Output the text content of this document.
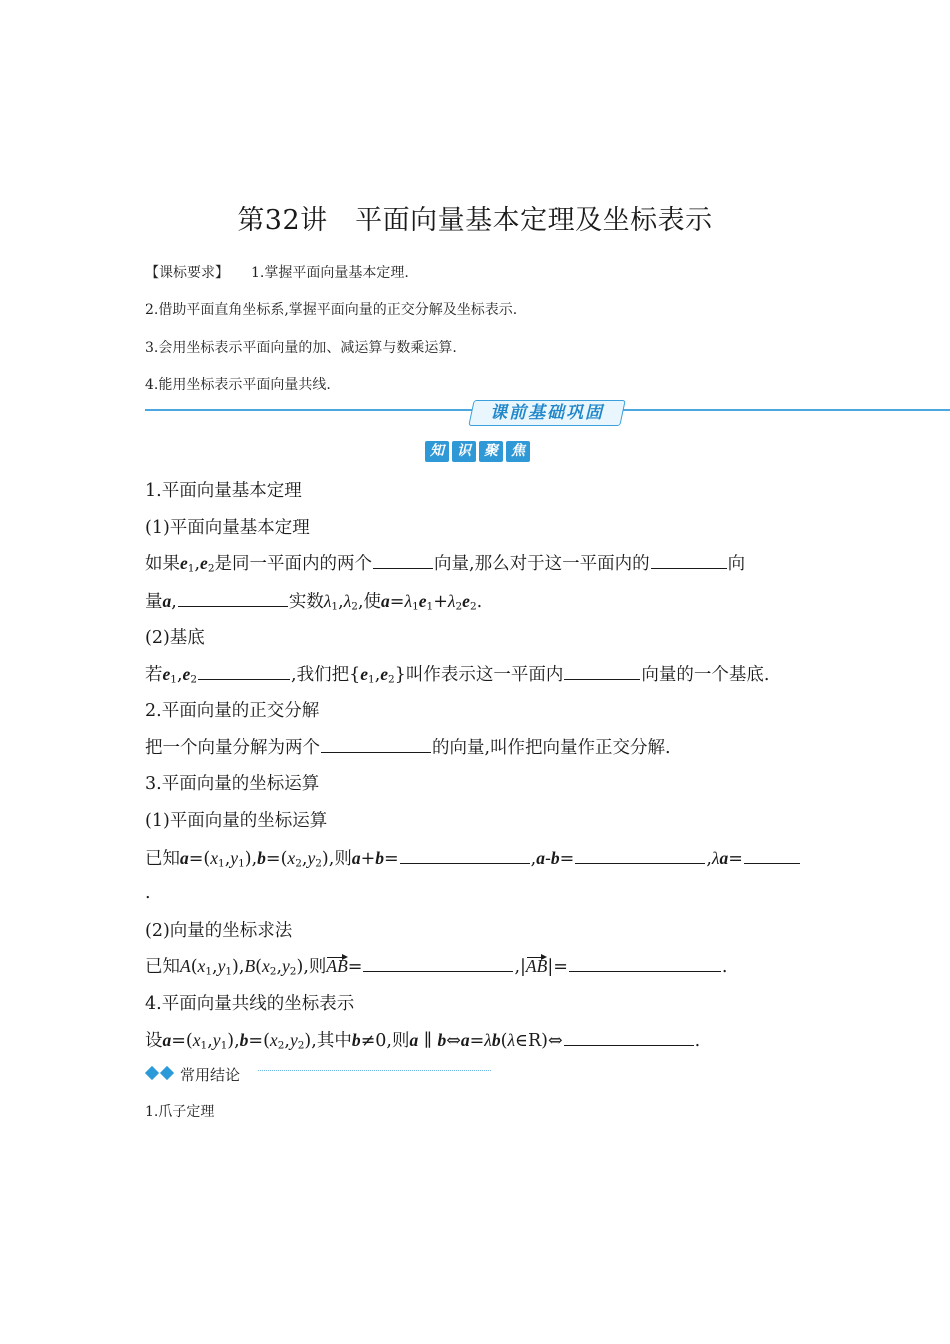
第32讲　平面向量基本定理及坐标表示
【课标要求】 1.掌握平面向量基本定理.
2.借助平面直角坐标系,掌握平面向量的正交分解及坐标表示.
3.会用坐标表示平面向量的加、减运算与数乘运算.
4.能用坐标表示平面向量共线.
课前基础巩固
知 识 聚 焦
1.平面向量基本定理
(1)平面向量基本定理
如果$e_1,e_2$是同一平面内的两个	向量,那么对于这一平面内的	向
量a,	实数$\lambda_1,\lambda_2$,使$a=\lambda_1e_1+\lambda_2e_2$.
(2)基底
若$e_1,e_2$	,我们把$\{e_1,e_2\}$叫作表示这一平面内	向量的一个基底.
2.平面向量的正交分解
把一个向量分解为两个	的向量,叫作把向量作正交分解.
3.平面向量的坐标运算
(1)平面向量的坐标运算
已知$a=(x_1,y_1),b=(x_2,y_2)$,则a+b=	,a-b=	,λa=
.
(2)向量的坐标求法
已知$A(x_1,y_1),B(x_2,y_2)$,则AB=	,|AB|=	.
4.平面向量共线的坐标表示
设$a=(x_1,y_1),b=(x_2,y_2)$,其中b≠0,则a ∥ b⇔a=λb(λ∈R)⇔	.
常用结论
1.爪子定理
